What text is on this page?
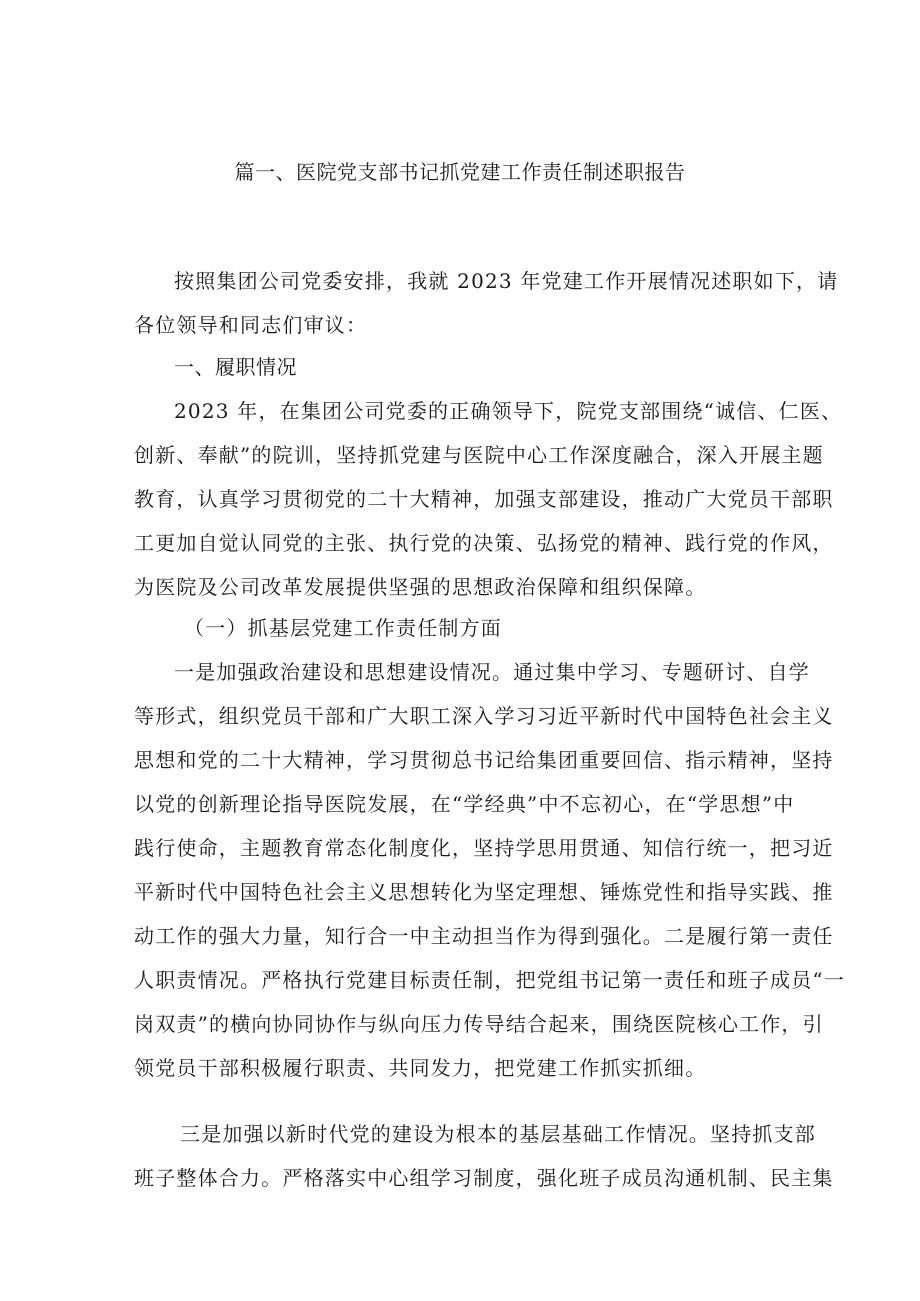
篇一、医院党支部书记抓党建工作责任制述职报告

按照集团公司党委安排，我就 2023 年党建工作开展情况述职如下，请

各位领导和同志们审议：

一、履职情况

2023 年，在集团公司党委的正确领导下，院党支部围绕“诚信、仁医、

创新、奉献”的院训，坚持抓党建与医院中心工作深度融合，深入开展主题

教育，认真学习贯彻党的二十大精神，加强支部建设，推动广大党员干部职

工更加自觉认同党的主张、执行党的决策、弘扬党的精神、践行党的作风，

为医院及公司改革发展提供坚强的思想政治保障和组织保障。

（一）抓基层党建工作责任制方面

一是加强政治建设和思想建设情况。通过集中学习、专题研讨、自学

等形式，组织党员干部和广大职工深入学习习近平新时代中国特色社会主义

思想和党的二十大精神，学习贯彻总书记给集团重要回信、指示精神，坚持

以党的创新理论指导医院发展，在“学经典”中不忘初心，在“学思想”中

践行使命，主题教育常态化制度化，坚持学思用贯通、知信行统一，把习近

平新时代中国特色社会主义思想转化为坚定理想、锤炼党性和指导实践、推

动工作的强大力量，知行合一中主动担当作为得到强化。二是履行第一责任

人职责情况。严格执行党建目标责任制，把党组书记第一责任和班子成员“一

岗双责”的横向协同协作与纵向压力传导结合起来，围绕医院核心工作，引

领党员干部积极履行职责、共同发力，把党建工作抓实抓细。

三是加强以新时代党的建设为根本的基层基础工作情况。坚持抓支部

班子整体合力。严格落实中心组学习制度，强化班子成员沟通机制、民主集
